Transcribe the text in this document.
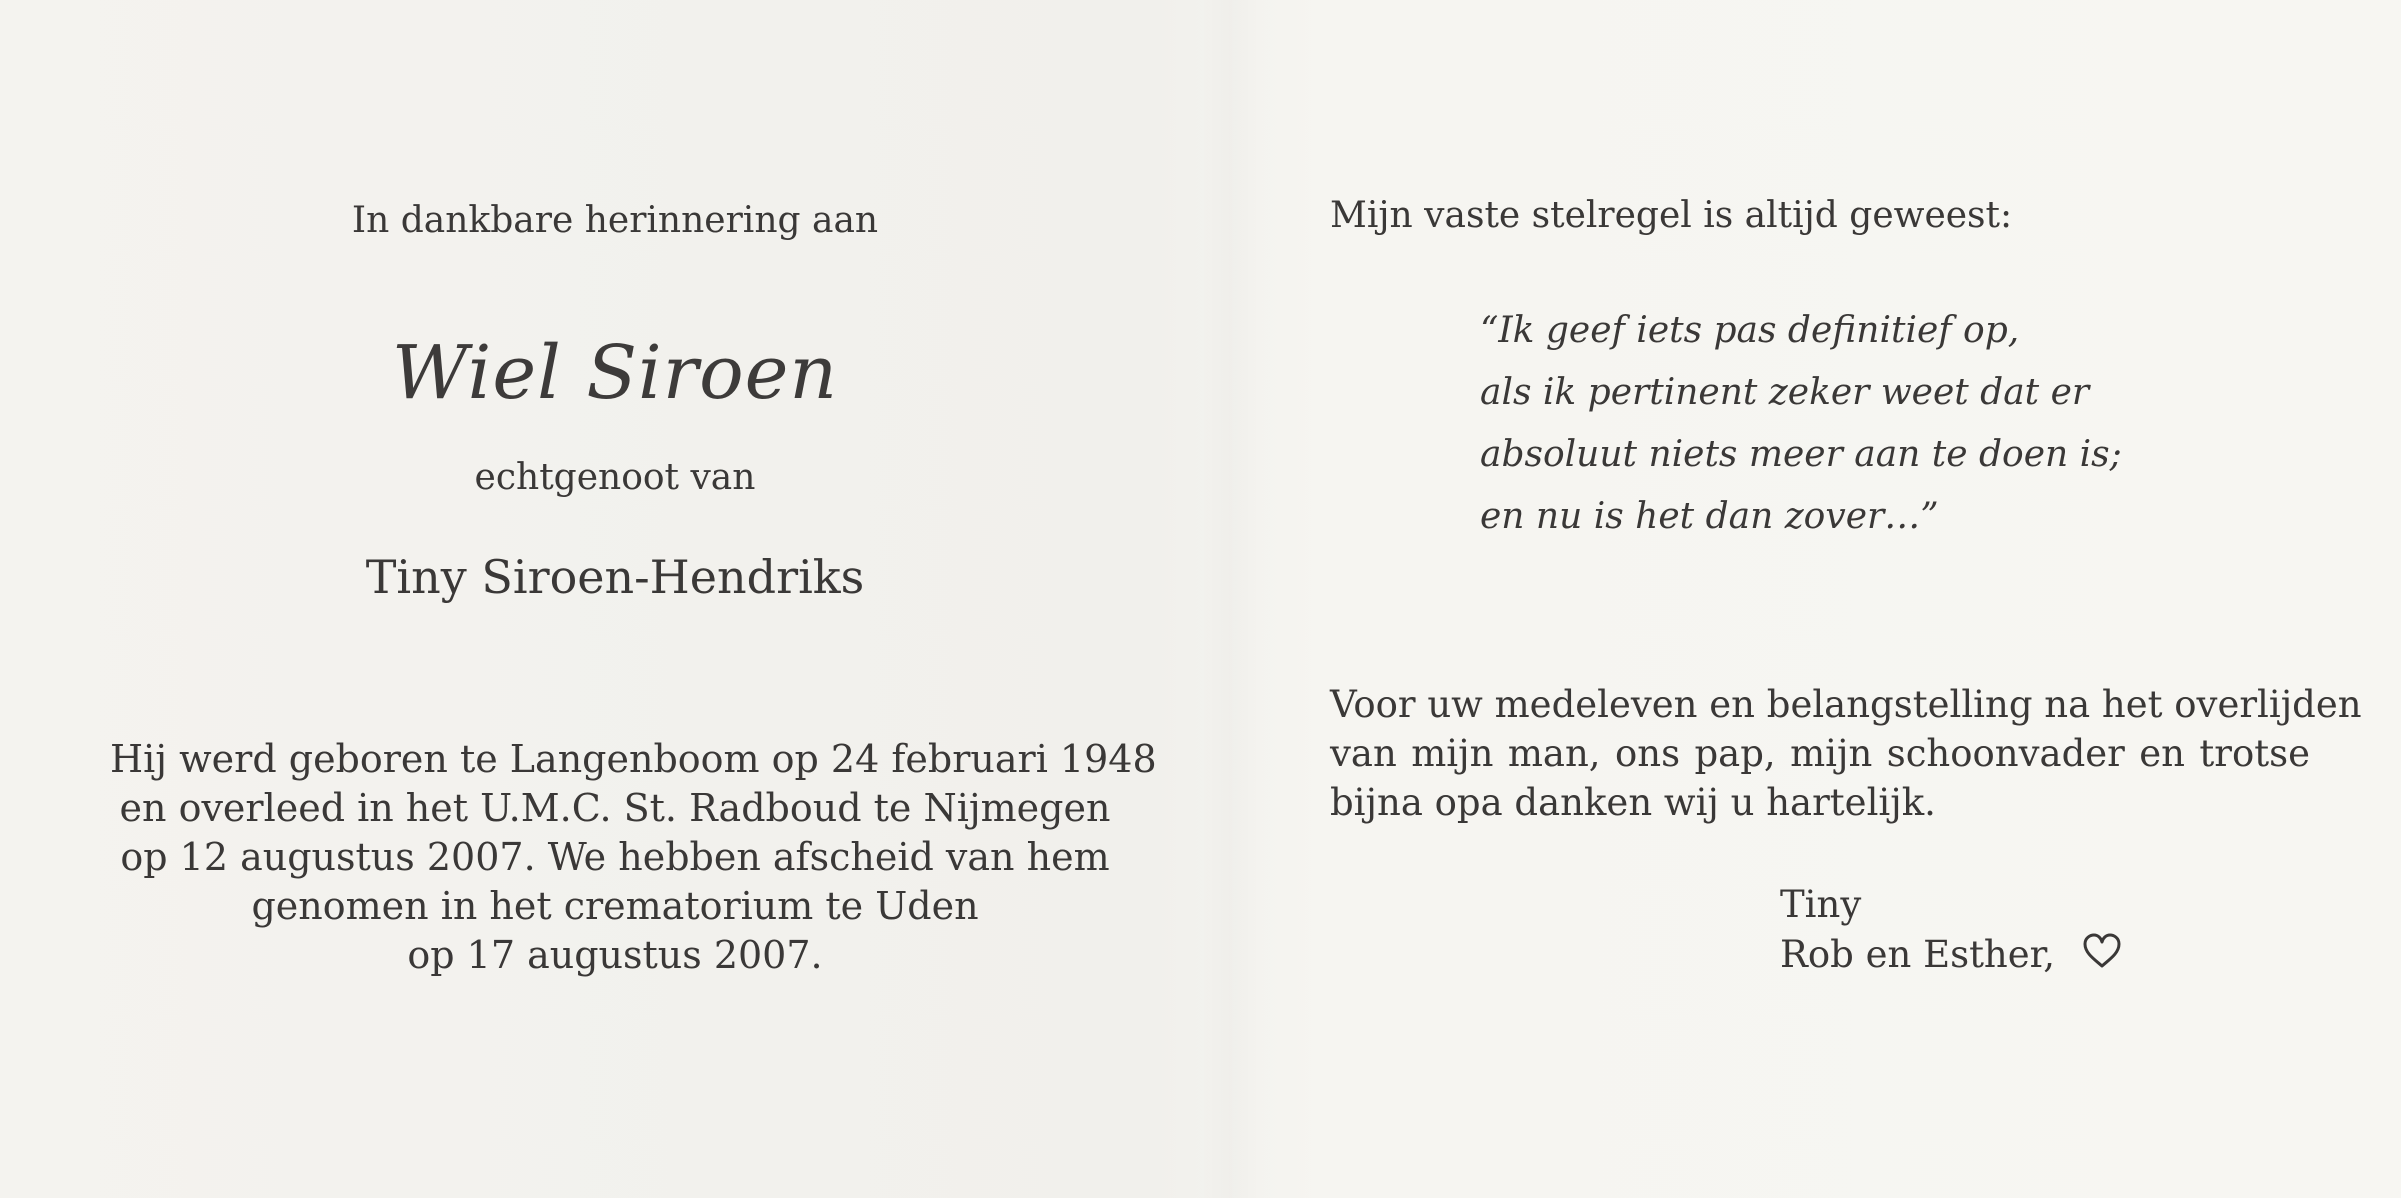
In dankbare herinnering aan
Wiel Siroen
echtgenoot van
Tiny Siroen-Hendriks
Hij werd geboren te Langenboom op 24 februari 1948
en overleed in het U.M.C. St. Radboud te Nijmegen
op 12 augustus 2007. We hebben afscheid van hem
genomen in het crematorium te Uden
op 17 augustus 2007.
Mijn vaste stelregel is altijd geweest:
“Ik geef iets pas definitief op,
als ik pertinent zeker weet dat er
absoluut niets meer aan te doen is;
en nu is het dan zover…”
Voor uw medeleven en belangstelling na het overlijden
van mijn man, ons pap, mijn schoonvader en trotse
bijna opa danken wij u hartelijk.
Tiny
Rob en Esther,
